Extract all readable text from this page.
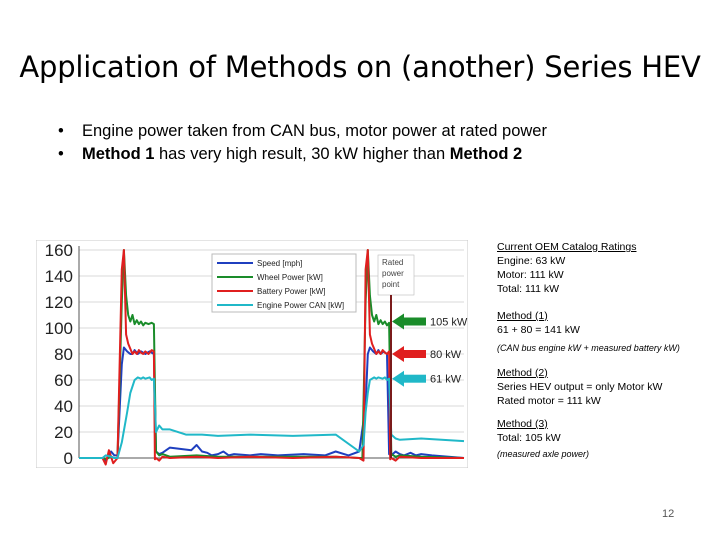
Application of Methods on (another) Series HEV
• Engine power taken from CAN bus, motor power at rated power
• Method 1 has very high result, 30 kW higher than Method 2
160
140
120
100
80
60
40
20
0
Speed [mph]
Wheel Power [kW]
Battery Power [kW]
Engine Power CAN [kW]
Rated
power
point
105 kW
80 kW
61 kW
Current OEM Catalog Ratings
Engine: 63 kW
Motor: 111 kW
Total: 111 kW
Method (1)
61 + 80 = 141 kW
(CAN bus engine kW + measured battery kW)
Method (2)
Series HEV output = only Motor kW
Rated motor = 111 kW
Method (3)
Total: 105 kW
(measured axle power)
12
